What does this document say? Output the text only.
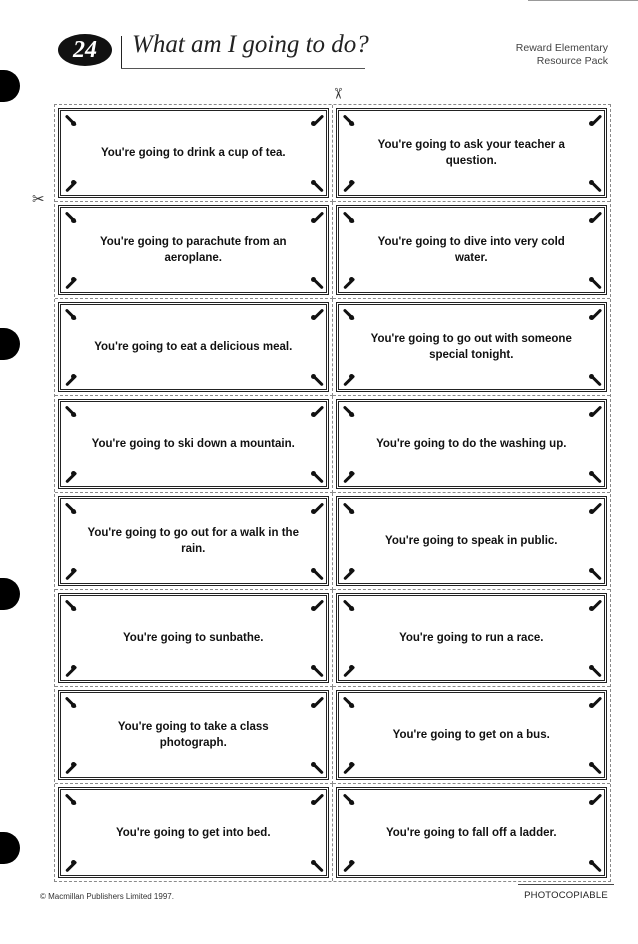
24	What am I going to do?	Reward Elementary
Resource Pack
✂
✂
You're going to drink a cup of tea.
You're going to ask your teacher a question.
You're going to parachute from an aeroplane.
You're going to dive into very cold water.
You're going to eat a delicious meal.
You're going to go out with someone special tonight.
You're going to ski down a mountain.	You're going to do the washing up.
You're going to go out for a walk in the rain.
You're going to speak in public.
You're going to sunbathe.	You're going to run a race.
You're going to take a class photograph.
You're going to get on a bus.
You're going to get into bed.	You're going to fall off a ladder.
© Macmillan Publishers Limited 1997.	PHOTOCOPIABLE
